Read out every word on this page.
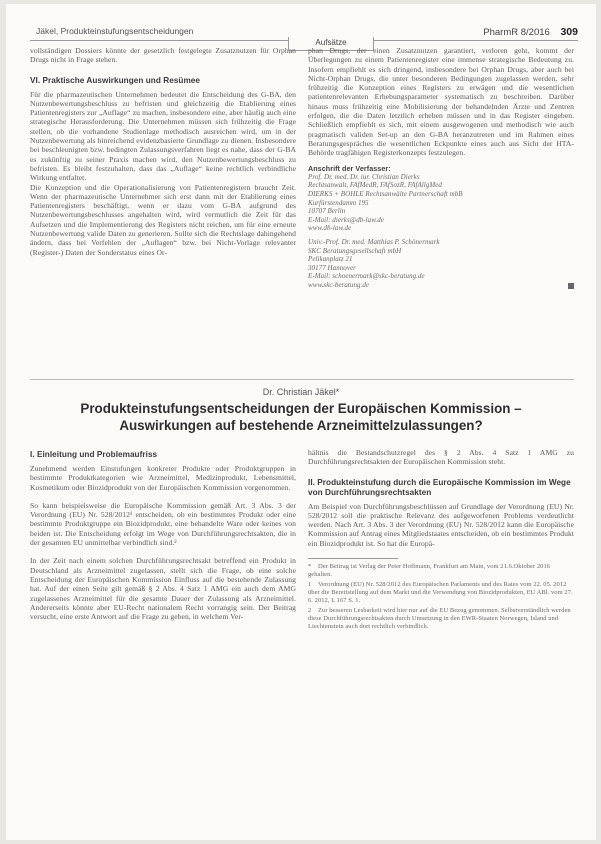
Jäkel, Produkteinstufungsentscheidungen
Aufsätze
PharmR 8/2016 309

vollständigen Dossiers könnte der gesetzlich festgelegte Zusatznutzen für Orphan Drugs nicht in Frage stehen.

VI. Praktische Auswirkungen und Resümee

Für die pharmazeutischen Unternehmen bedeutet die Entscheidung des G-BA, den Nutzenbewertungsbeschluss zu befristen und gleichzeitig die Etablierung eines Patientenregisters zur „Auflage“ zu machen, insbesondere eine, aber häufig auch eine strategische Herausforderung. Die Unternehmen müssen sich frühzeitig die Frage stellen, ob die vorhandene Studienlage methodisch ausreichen wird, um in der Nutzenbewertung als hinreichend evidenzbasierte Grundlage zu dienen. Insbesondere bei beschleunigten bzw. bedingten Zulassungsverfahren liegt es nahe, dass der G-BA es zukünftig zu seiner Praxis machen wird, den Nutzenbewertungsbeschluss zu befristen. Es bleibt festzuhalten, dass das „Auflage“ keine rechtlich verbindliche Wirkung entfaltet.

Die Konzeption und die Operationalisierung von Patientenregistern braucht Zeit. Wenn der pharmazeutische Unternehmer sich erst dann mit der Etablierung eines Patientenregisters beschäftigt, wenn er dazu vom G-BA aufgrund des Nutzenbewertungsbeschlusses angehalten wird, wird vermutlich die Zeit für das Aufsetzen und die Implementierung des Registers nicht reichen, um für eine erneute Nutzenbewertung valide Daten zu generieren. Sollte sich die Rechtslage dahingehend ändern, dass bei Verfehlen der „Auflagen“ bzw. bei Nicht-Vorlage relevanter (Register-) Daten der Sonderstatus eines Or-

phan Drugs, der einen Zusatznutzen garantiert, verloren geht, kommt der Überlegungen zu einem Patientenregister eine immense strategische Bedeutung zu. Insofern empfiehlt es sich dringend, insbesondere bei Orphan Drugs, aber auch bei Nicht-Orphan Drugs, die unter besonderen Bedingungen zugelassen werden, sehr frühzeitig die Konzeption eines Registers zu erwägen und die wesentlichen patientenrelevanten Erhebungsparameter systematisch zu beschreiben. Darüber hinaus muss frühzeitig eine Mobilisierung der behandelnden Ärzte und Zentren erfolgen, die die Daten letztlich erheben müssen und in das Register eingeben. Schließlich empfiehlt es sich, mit einem ausgewogenen und methodisch wie auch pragmatisch validen Set-up an den G-BA heranzutreten und im Rahmen eines Beratungsgespräches die wesentlichen Eckpunkte eines auch aus Sicht der HTA-Behörde tragfähigen Registerkonzepts festzulegen.

Anschrift der Verfasser:
Prof. Dr. med. Dr. iur. Christian Dierks
Rechtsanwalt, FAfMedR, FAfSozR, FAfAllgMed
DIERKS + BOHLE Rechtsanwälte Partnerschaft mbB
Kurfürstendamm 195
10707 Berlin
E-Mail: dierks@db-law.de
www.db-law.de
Univ.-Prof. Dr. med. Matthias P. Schönermark
SKC Beratungsgesellschaft mbH
Pelikanplatz 21
30177 Hannover
E-Mail: schoenermark@skc-beratung.de
www.skc-beratung.de
Dr. Christian Jäkel*
Produkteinstufungsentscheidungen der Europäischen Kommission – Auswirkungen auf bestehende Arzneimittelzulassungen?
I. Einleitung und Problemaufriss

Zunehmend werden Einstufungen konkreter Produkte oder Produktgruppen in bestimmte Produktkategorien wie Arzneimittel, Medizinprodukt, Lebensmittel, Kosmetikum oder Biozidprodukt von der Europäischen Kommission vorgenommen.

So kann beispielsweise die Europäische Kommission gemäß Art. 3 Abs. 3 der Verordnung (EU) Nr. 528/2012¹ entscheiden, ob ein bestimmtes Produkt oder eine bestimmte Produktgruppe ein Biozidprodukt, eine behandelte Ware oder keines von beiden ist. Die Entscheidung erfolgt im Wege von Durchführungsrechtsakten, die in der gesamten EU unmittelbar verbindlich sind.²

In der Zeit nach einem solchen Durchführungsrechtsakt betreffend ein Produkt in Deutschland als Arzneimittel zugelassen, stellt sich die Frage, ob eine solche Entscheidung der Europäischen Kommission Einfluss auf die bestehende Zulassung hat. Auf der einen Seite gilt gemäß § 2 Abs. 4 Satz 1 AMG ein auch dem AMG zugelassenes Arzneimittel für die gesamte Dauer der Zulassung als Arzneimittel. Andererseits könnte aber EU-Recht nationalem Recht vorrangig sein. Der Beitrag versucht, eine erste Antwort auf die Frage zu geben, in welchem Ver-

hältnis die Bestandschutzregel des § 2 Abs. 4 Satz 1 AMG zu Durchführungsrechtsakten der Europäischen Kommission steht.

II. Produkteinstufung durch die Europäische Kommission im Wege von Durchführungsrechtsakten

Am Beispiel von Durchführungsbeschlüssen auf Grundlage der Verordnung (EU) Nr. 528/2012 soll die praktische Relevanz des aufgeworfenen Problems verdeutlicht werden. Nach Art. 3 Abs. 3 der Verordnung (EU) Nr. 528/2012 kann die Europäische Kommission auf Antrag eines Mitgliedstaates entscheiden, ob ein bestimmtes Produkt ein Biozidprodukt ist. So hat die Europä-

* Der Beitrag ist Verlag der Peter Hoffmann, Frankfurt am Main, vom 21.6.Oktober 2016 gehalten.
1 Verordnung (EU) Nr. 528/2012 des Europäischen Parlaments und des Rates vom 22. 05. 2012 über die Bereitstellung auf dem Markt und die Verwendung von Biozidprodukten, EU ABl. vom 27. 6. 2012, L 167 S. 1.
2 Zur besseren Lesbarkeit wird hier nur auf die EU Bezug genommen. Selbstverständlich werden diese Durchführungsrechtsakten durch Umsetzung in den EWR-Staaten Norwegen, Island und Liechtenstein auch dort rechtlich verbindlich.
